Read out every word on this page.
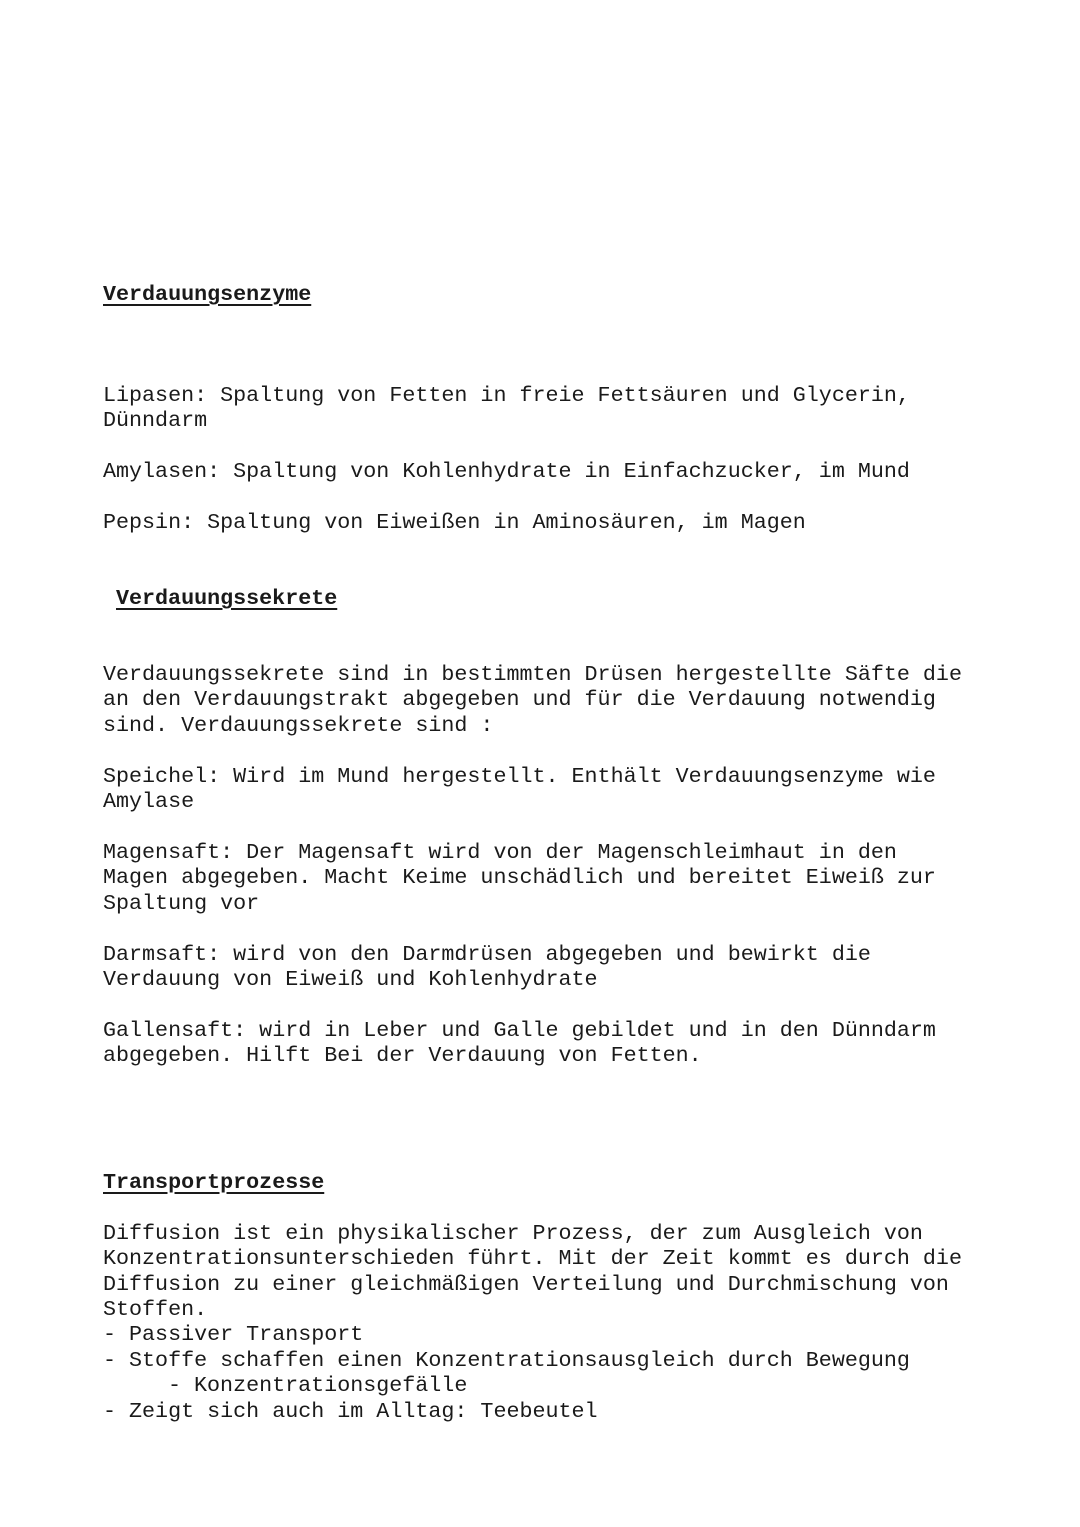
Verdauungsenzyme

Lipasen: Spaltung von Fetten in freie Fettsäuren und Glycerin,

Dünndarm

Amylasen: Spaltung von Kohlenhydrate in Einfachzucker, im Mund

Pepsin: Spaltung von Eiweißen in Aminosäuren, im Magen

Verdauungssekrete

Verdauungssekrete sind in bestimmten Drüsen hergestellte Säfte die

an den Verdauungstrakt abgegeben und für die Verdauung notwendig

sind. Verdauungssekrete sind :

Speichel: Wird im Mund hergestellt. Enthält Verdauungsenzyme wie

Amylase

Magensaft: Der Magensaft wird von der Magenschleimhaut in den

Magen abgegeben. Macht Keime unschädlich und bereitet Eiweiß zur

Spaltung vor

Darmsaft: wird von den Darmdrüsen abgegeben und bewirkt die

Verdauung von Eiweiß und Kohlenhydrate

Gallensaft: wird in Leber und Galle gebildet und in den Dünndarm

abgegeben. Hilft Bei der Verdauung von Fetten.

Transportprozesse

Diffusion ist ein physikalischer Prozess, der zum Ausgleich von

Konzentrationsunterschieden führt. Mit der Zeit kommt es durch die

Diffusion zu einer gleichmäßigen Verteilung und Durchmischung von

Stoffen.

- Passiver Transport

- Stoffe schaffen einen Konzentrationsausgleich durch Bewegung

- Konzentrationsgefälle

- Zeigt sich auch im Alltag: Teebeutel
